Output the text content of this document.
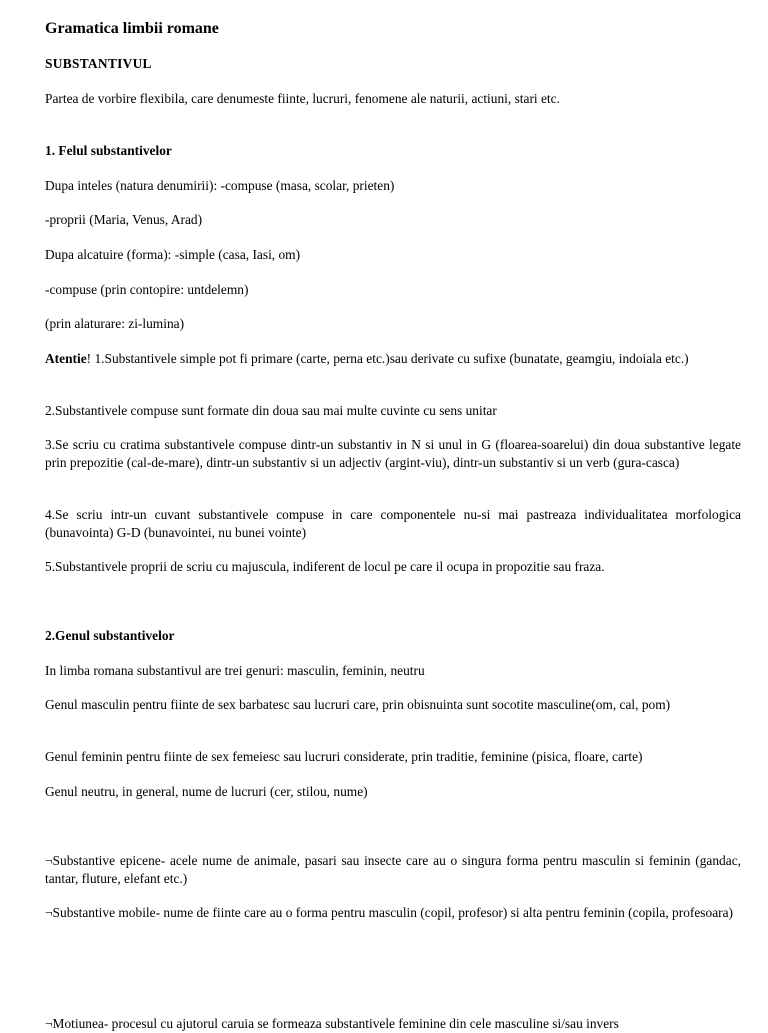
Gramatica limbii romane

SUBSTANTIVUL

Partea de vorbire flexibila, care denumeste fiinte, lucruri, fenomene ale naturii, actiuni, stari etc.

1. Felul substantivelor

Dupa inteles (natura denumirii): -compuse (masa, scolar, prieten)

-proprii (Maria, Venus, Arad)

Dupa alcatuire (forma): -simple (casa, Iasi, om)

-compuse (prin contopire: untdelemn)

(prin alaturare: zi-lumina)

Atentie! 1.Substantivele simple pot fi primare (carte, perna etc.)sau derivate cu sufixe (bunatate, geamgiu, indoiala etc.)

2.Substantivele compuse sunt formate din doua sau mai multe cuvinte cu sens unitar

3.Se scriu cu cratima substantivele compuse dintr-un substantiv in N si unul in G (floarea-soarelui) din doua substantive legate prin prepozitie (cal-de-mare), dintr-un substantiv si un adjectiv (argint-viu), dintr-un substantiv si un verb (gura-casca)

4.Se scriu intr-un cuvant substantivele compuse in care componentele nu-si mai pastreaza individualitatea morfologica (bunavointa) G-D (bunavointei, nu bunei vointe)

5.Substantivele proprii de scriu cu majuscula, indiferent de locul pe care il ocupa in propozitie sau fraza.

2.Genul substantivelor

In limba romana substantivul are trei genuri: masculin, feminin, neutru

Genul masculin pentru fiinte de sex barbatesc sau lucruri care, prin obisnuinta sunt socotite masculine(om, cal, pom)

Genul feminin pentru fiinte de sex femeiesc sau lucruri considerate, prin traditie, feminine (pisica, floare, carte)

Genul neutru, in general, nume de lucruri (cer, stilou, nume)

¬Substantive epicene- acele nume de animale, pasari sau insecte care au o singura forma pentru masculin si feminin (gandac, tantar, fluture, elefant etc.)

¬Substantive mobile- nume de fiinte care au o forma pentru masculin (copil, profesor) si alta pentru feminin (copila, profesoara)

¬Motiunea- procesul cu ajutorul caruia se formeaza substantivele feminine din cele masculine si/sau invers
